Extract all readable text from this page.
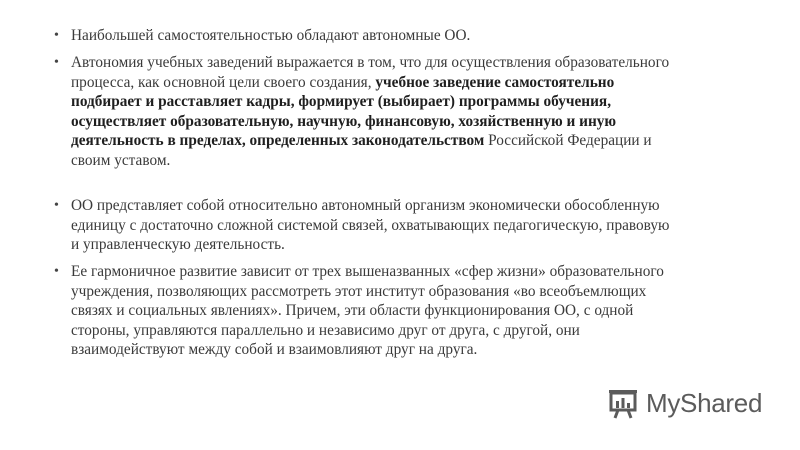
• Наибольшей самостоятельностью обладают автономные ОО.
• Автономия учебных заведений выражается в том, что для осуществления образовательного процесса, как основной цели своего создания, учебное заведение самостоятельно подбирает и расставляет кадры, формирует (выбирает) программы обучения, осуществляет образовательную, научную, финансовую, хозяйственную и иную деятельность в пределах, определенных законодательством Российской Федерации и своим уставом.
• ОО представляет собой относительно автономный организм экономически обособленную единицу с достаточно сложной системой связей, охватывающих педагогическую, правовую и управленческую деятельность.
• Ее гармоничное развитие зависит от трех вышеназванных «сфер жизни» образовательного учреждения, позволяющих рассмотреть этот институт образования «во всеобъемлющих связях и социальных явлениях». Причем, эти области функционирования ОО, с одной стороны, управляются параллельно и независимо друг от друга, с другой, они взаимодействуют между собой и взаимовлияют друг на друга.
MyShared
